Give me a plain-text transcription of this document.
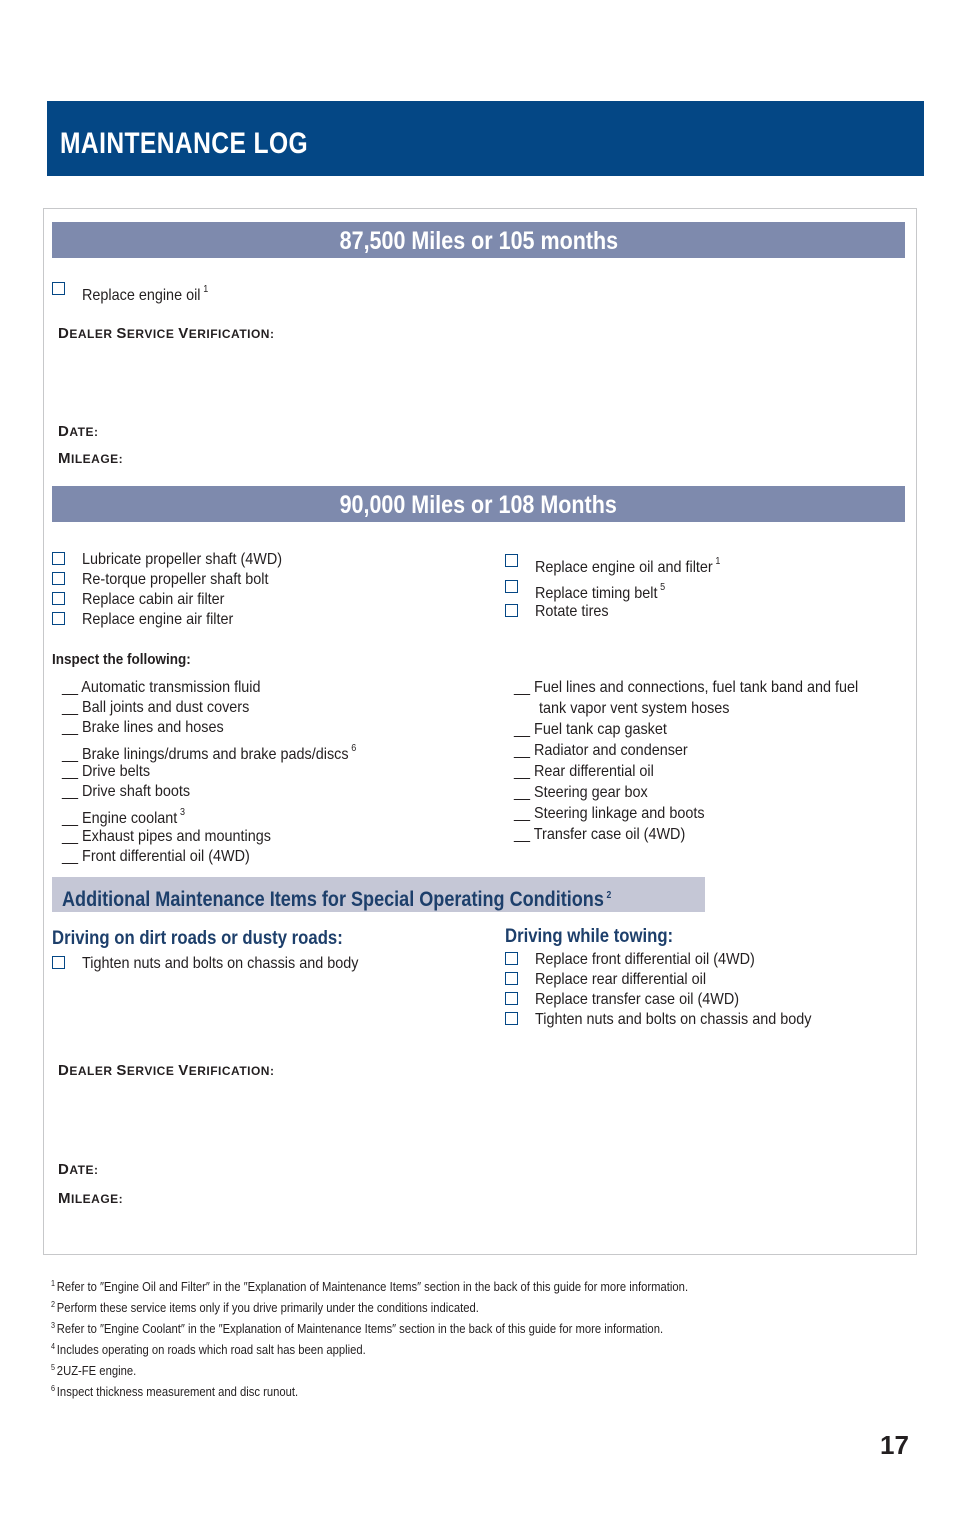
MAINTENANCE LOG
87,500 Miles or 105 months
Replace engine oil $^1$
DEALER SERVICE VERIFICATION:
DATE:
MILEAGE:
90,000 Miles or 108 Months
Lubricate propeller shaft (4WD)
Re-torque propeller shaft bolt
Replace cabin air filter
Replace engine air filter
Replace engine oil and filter $^1$
Replace timing belt $^5$
Rotate tires
Inspect the following:
__ Automatic transmission fluid
__ Ball joints and dust covers
__ Brake lines and hoses
__ Brake linings/drums and brake pads/discs $^6$
__ Drive belts
__ Drive shaft boots
__ Engine coolant $^3$
__ Exhaust pipes and mountings
__ Front differential oil (4WD)
__ Fuel lines and connections, fuel tank band and fuel
tank vapor vent system hoses
__ Fuel tank cap gasket
__ Radiator and condenser
__ Rear differential oil
__ Steering gear box
__ Steering linkage and boots
__ Transfer case oil (4WD)
Additional Maintenance Items for Special Operating Conditions $^2$
Driving on dirt roads or dusty roads:
Tighten nuts and bolts on chassis and body
Driving while towing:
Replace front differential oil (4WD)
Replace rear differential oil
Replace transfer case oil (4WD)
Tighten nuts and bolts on chassis and body
DEALER SERVICE VERIFICATION:
DATE:
MILEAGE:
$^1$ Refer to ″Engine Oil and Filter″ in the ″Explanation of Maintenance Items″ section in the back of this guide for more information.
$^2$ Perform these service items only if you drive primarily under the conditions indicated.
$^3$ Refer to ″Engine Coolant″ in the ″Explanation of Maintenance Items″ section in the back of this guide for more information.
$^4$ Includes operating on roads which road salt has been applied.
$^5$ 2UZ-FE engine.
$^6$ Inspect thickness measurement and disc runout.
17
